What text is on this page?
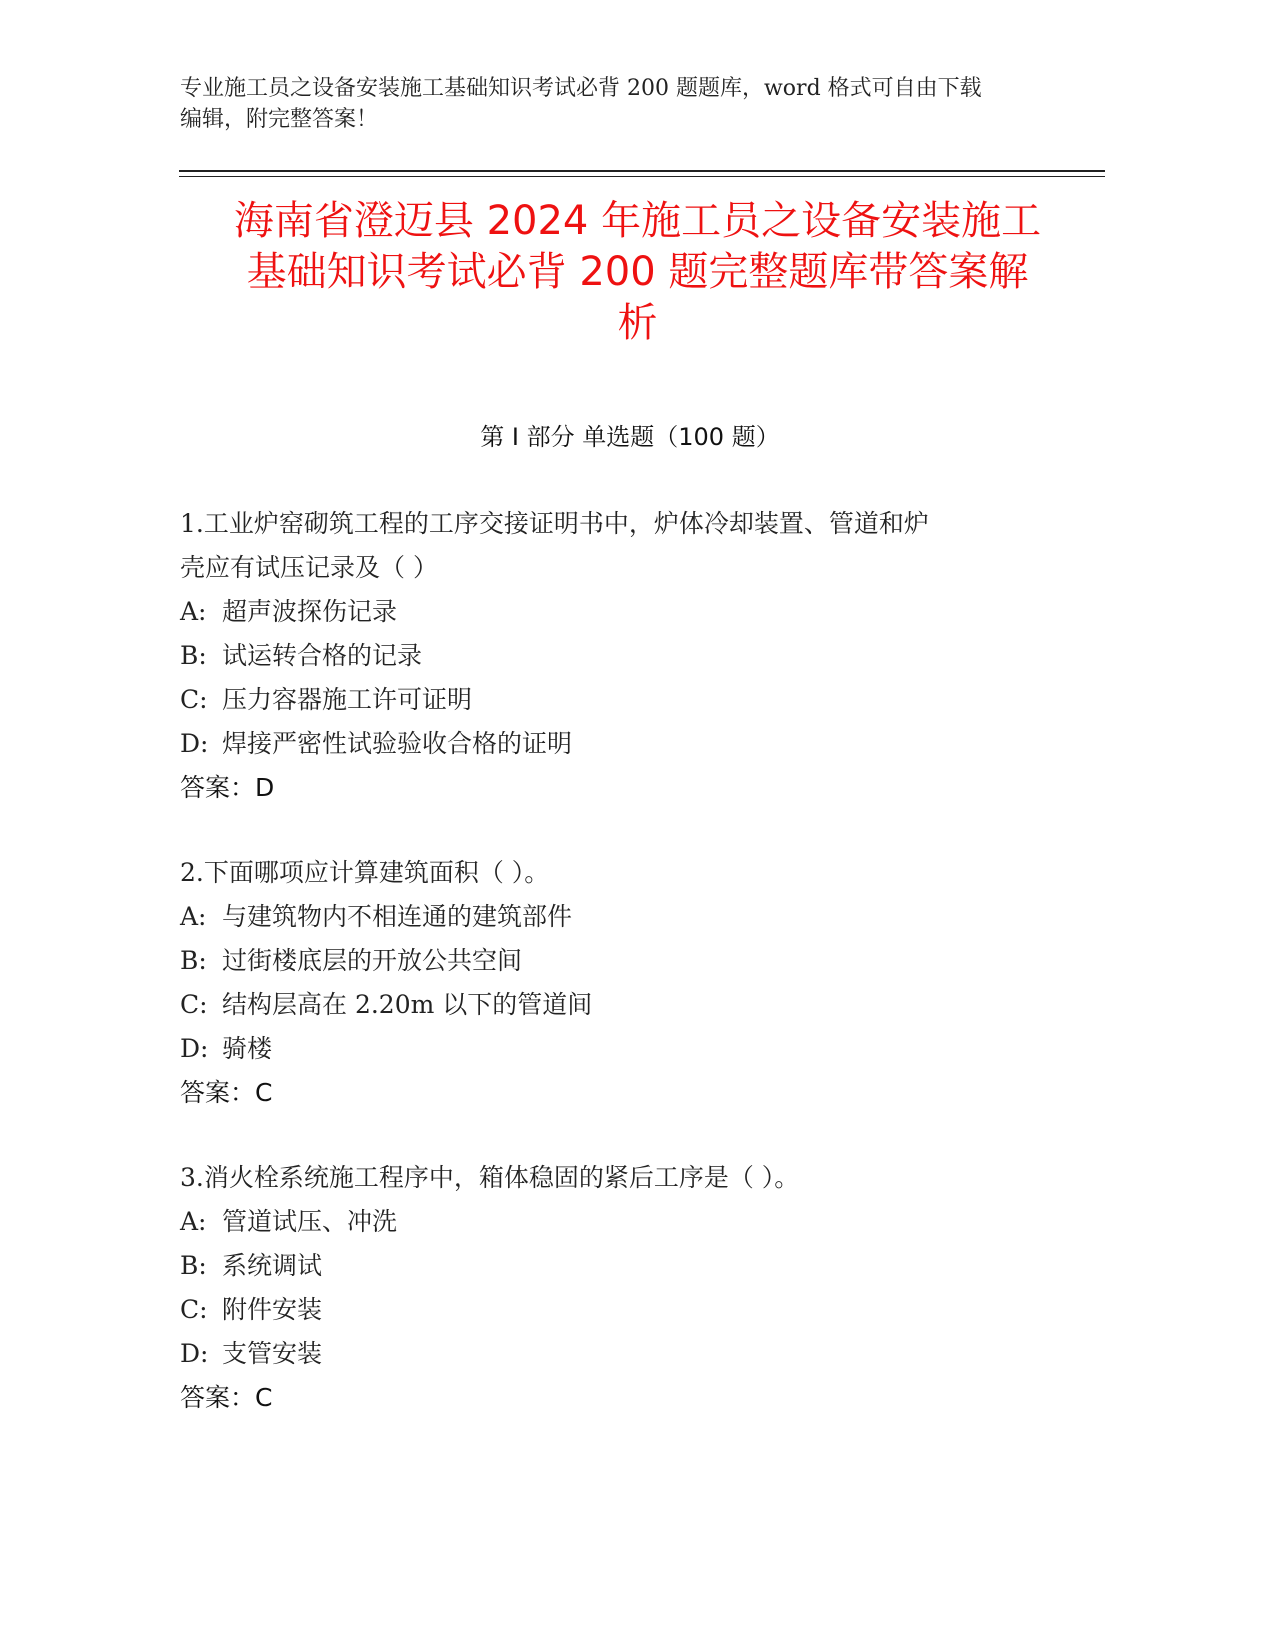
专业施工员之设备安装施工基础知识考试必背 200 题题库，word 格式可自由下载
编辑，附完整答案！
海南省澄迈县 2024 年施工员之设备安装施工
基础知识考试必背 200 题完整题库带答案解
析
第 I 部分 单选题（100 题）
1.工业炉窑砌筑工程的工序交接证明书中，炉体冷却装置、管道和炉
壳应有试压记录及（ ）
A: 超声波探伤记录
B: 试运转合格的记录
C: 压力容器施工许可证明
D: 焊接严密性试验验收合格的证明
答案：D
2.下面哪项应计算建筑面积（ ）。
A: 与建筑物内不相连通的建筑部件
B: 过街楼底层的开放公共空间
C: 结构层高在 2.20m 以下的管道间
D: 骑楼
答案：C
3.消火栓系统施工程序中，箱体稳固的紧后工序是（ ）。
A: 管道试压、冲洗
B: 系统调试
C: 附件安装
D: 支管安装
答案：C
